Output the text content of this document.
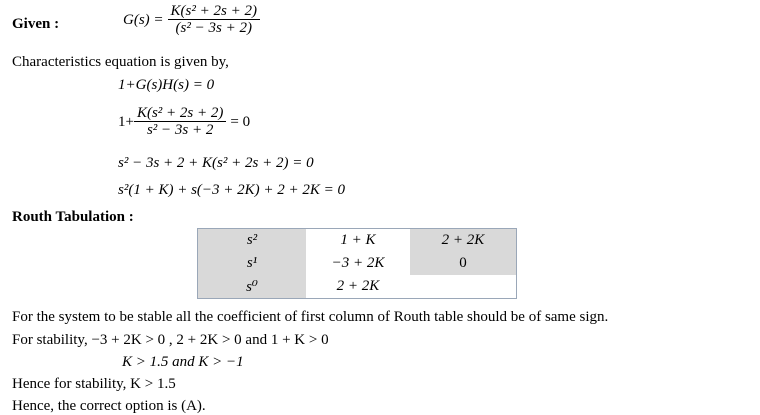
Given :	$G(s) = \frac{\text{K(s² + 2s + 2)}}{\text{(s² − 3s + 2)}}$
Characteristics equation is given by,
1+G(s)H(s) = 0
$1+ \frac{\text{K(s² + 2s + 2)}}{\text{s² − 3s + 2}} = 0$
s² − 3s + 2 + K(s² + 2s + 2) = 0
s²(1 + K) + s(−3 + 2K) + 2 + 2K = 0
Routh Tabulation :
s²	1 + K	2 + 2K
s¹	−3 + 2K	0
s⁰	2 + 2K	
For the system to be stable all the coefficient of first column of Routh table should be of same sign.
For stability, −3 + 2K > 0 , 2 + 2K > 0 and 1 + K > 0
K > 1.5 and K > −1
Hence for stability, K > 1.5
Hence, the correct option is (A).
